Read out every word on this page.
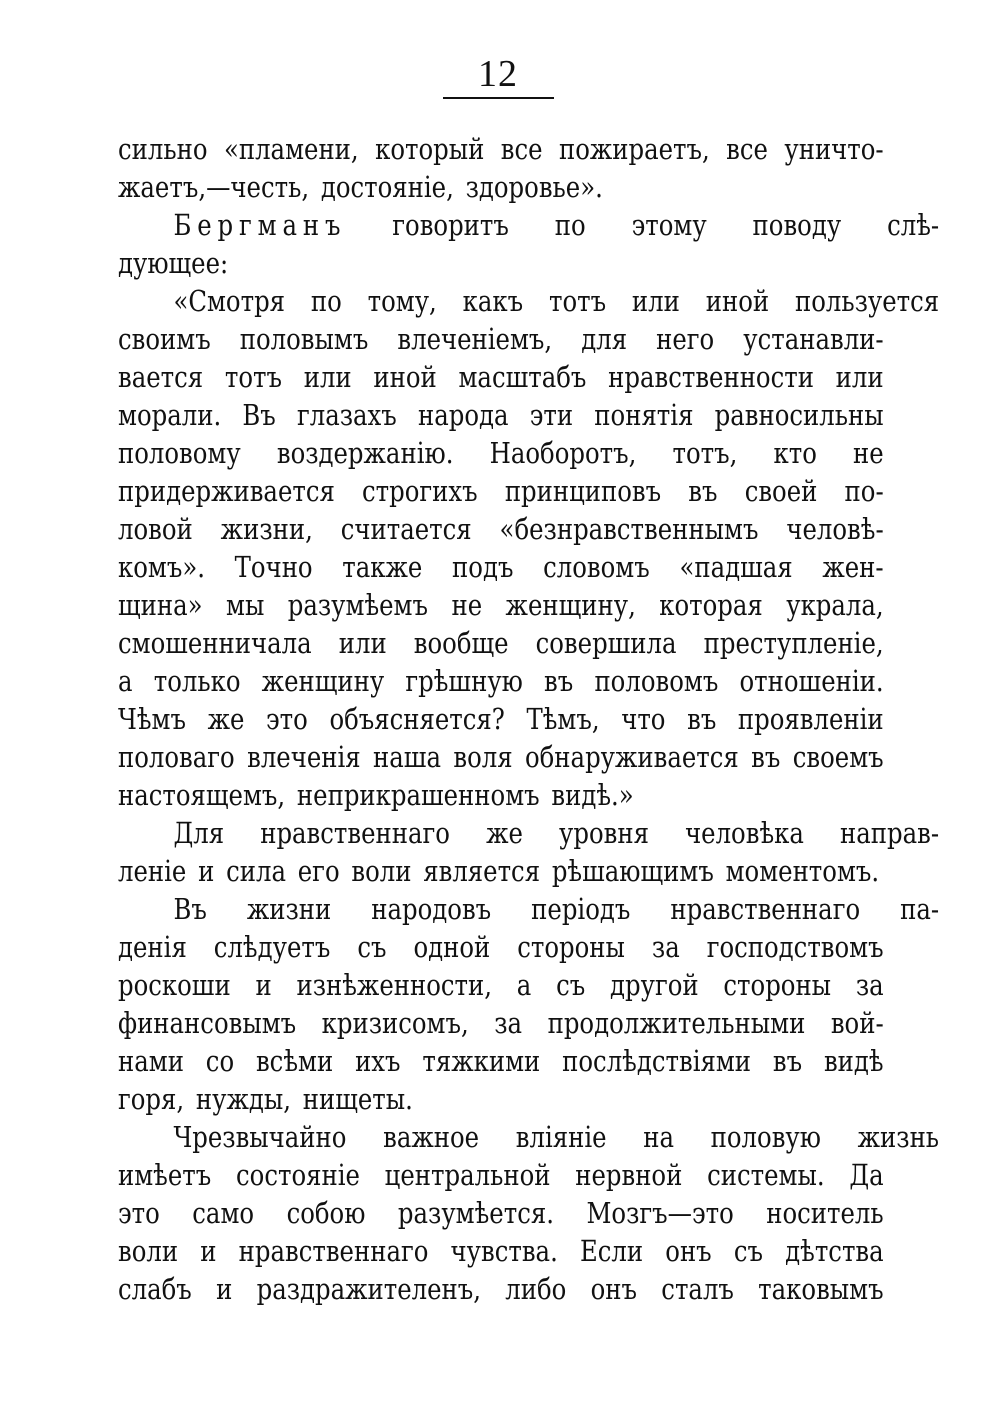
12
сильно «пламени, который все пожираетъ, все уничто-
жаетъ,—честь, достоянiе, здоровье».
Бергманъ говоритъ по этому поводу слѣ-
дующее:
«Смотря по тому, какъ тотъ или иной пользуется
своимъ половымъ влеченiемъ, для него устанавли-
вается тотъ или иной масштабъ нравственности или
морали. Въ глазахъ народа эти понятiя равносильны
половому воздержанiю. Наоборотъ, тотъ, кто не
придерживается строгихъ принциповъ въ своей по-
ловой жизни, считается «безнравственнымъ человѣ-
комъ». Точно также подъ словомъ «падшая жен-
щина» мы разумѣемъ не женщину, которая украла,
смошенничала или вообще совершила преступленiе,
а только женщину грѣшную въ половомъ отношенiи.
Чѣмъ же это объясняется? Тѣмъ, что въ проявленiи
половаго влеченiя наша воля обнаруживается въ своемъ
настоящемъ, неприкрашенномъ видѣ.»
Для нравственнаго же уровня человѣка направ-
ленiе и сила его воли является рѣшающимъ моментомъ.
Въ жизни народовъ перiодъ нравственнаго па-
денiя слѣдуетъ съ одной стороны за господствомъ
роскоши и изнѣженности, а съ другой стороны за
финансовымъ кризисомъ, за продолжительными вой-
нами со всѣми ихъ тяжкими послѣдствiями въ видѣ
горя, нужды, нищеты.
Чрезвычайно важное влiянiе на половую жизнь
имѣетъ состоянiе центральной нервной системы. Да
это само собою разумѣется. Мозгъ—это носитель
воли и нравственнаго чувства. Если онъ съ дѣтства
слабъ и раздражителенъ, либо онъ сталъ таковымъ
